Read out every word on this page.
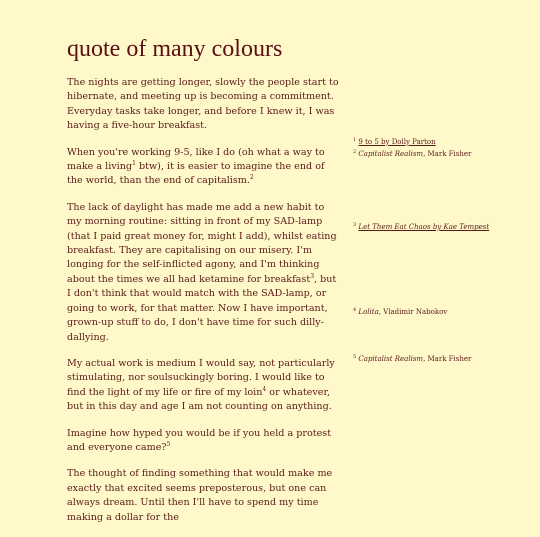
quote of many colours

The nights are getting longer, slowly the people start to hibernate, and meeting up is becoming a commitment. Everyday tasks take longer, and before I knew it, I was having a five-hour breakfast.

When you're working 9-5, like I do (oh what a way to make a living$^1$ btw), it is easier to imagine the end of the world, than the end of capitalism.$^2$

The lack of daylight has made me add a new habit to my morning routine: sitting in front of my SAD-lamp (that I paid great money for, might I add), whilst eating breakfast. They are capitalising on our misery. I'm longing for the self-inflicted agony, and I'm thinking about the times we all had ketamine for breakfast$^3$, but I don't think that would match with the SAD-lamp, or going to work, for that matter. Now I have important, grown-up stuff to do, I don't have time for such dilly-dallying.

My actual work is medium I would say, not particularly stimulating, nor soulsuckingly boring. I would like to find the light of my life or fire of my loin$^4$ or whatever, but in this day and age I am not counting on anything.

Imagine how hyped you would be if you held a protest and everyone came?$^5$

The thought of finding something that would make me exactly that excited seems preposterous, but one can always dream. Until then I'll have to spend my time making a dollar for the

$^1$ 9 to 5 by Dolly Parton
$^2$ Capitalist Realism, Mark Fisher
$^3$ Let Them Eat Chaos by Kae Tempest
$^4$ Lolita, Vladimir Nabokov
$^5$ Capitalist Realism, Mark Fisher
